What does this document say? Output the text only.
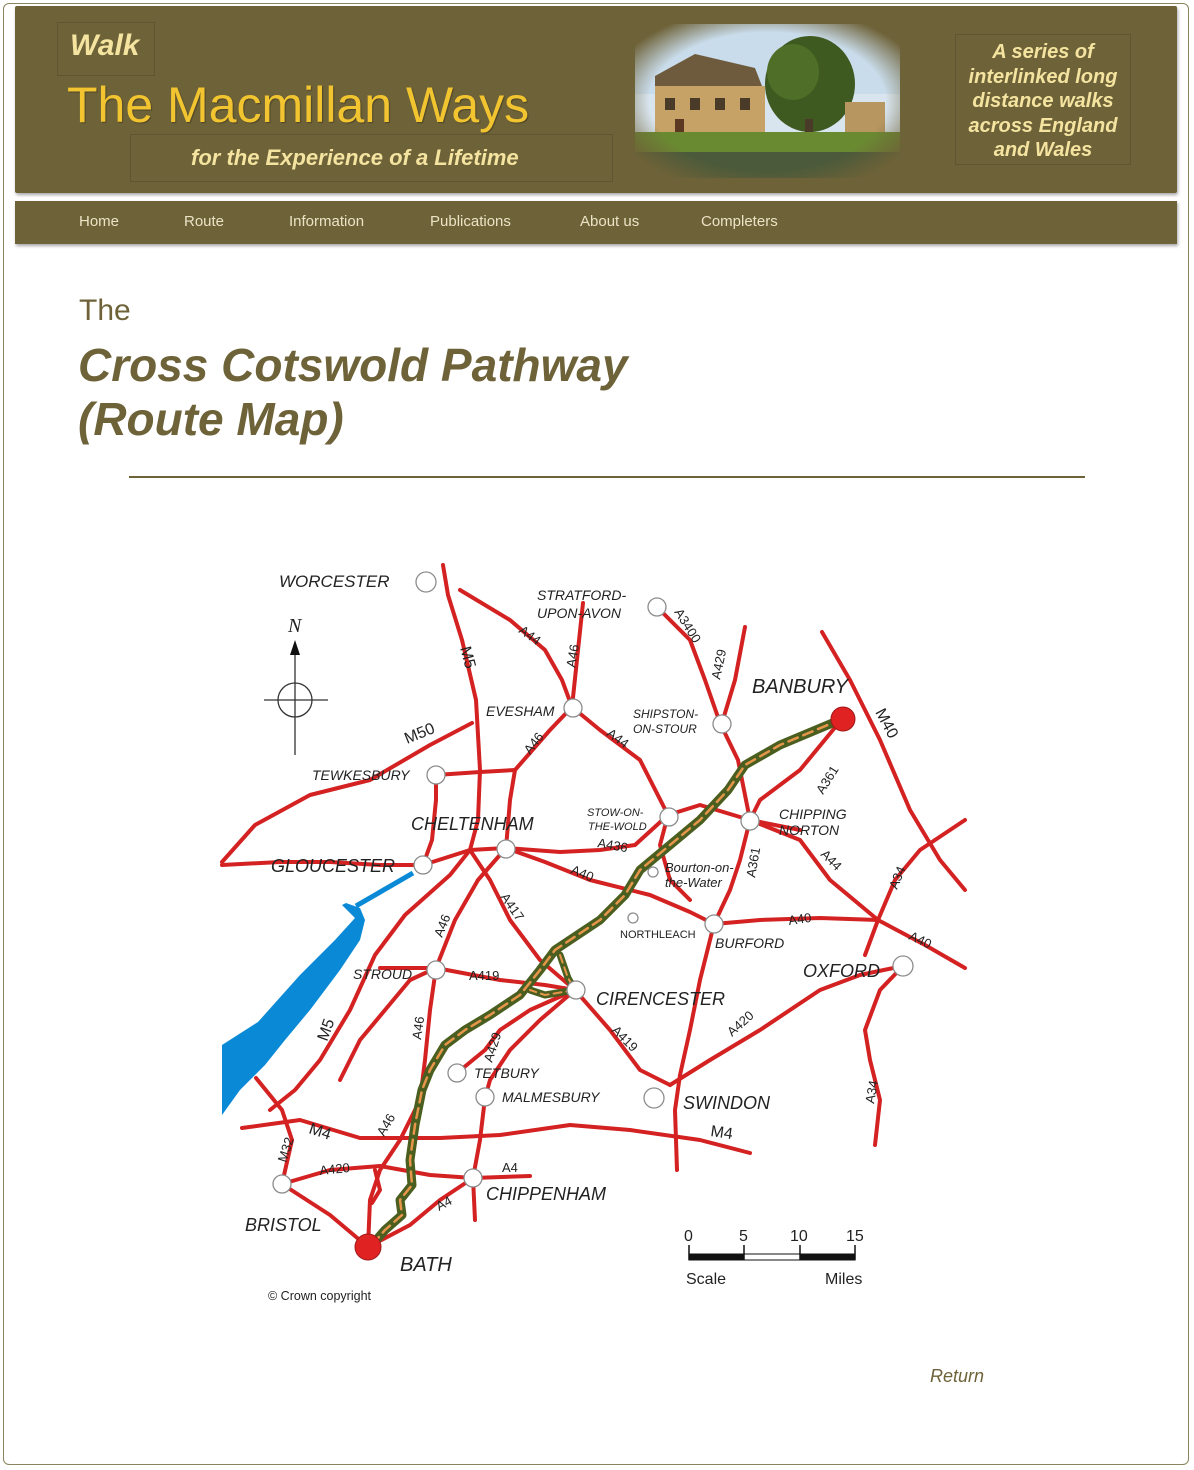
Walk
The Macmillan Ways
for the Experience of a Lifetime
A series of
interlinked long
distance walks
across England
and Wales
Home	Route	Information	Publications	About us	Completers
The
Cross Cotswold Pathway
(Route Map)
N
WORCESTER
STRATFORD-
UPON-AVON
BANBURY
EVESHAM	SHIPSTON-
ON-STOUR
TEWKESBURY
STOW-ON-
THE-WOLD
CHIPPING
NORTON
CHELTENHAM
GLOUCESTER	Bourton-on-
the-Water
NORTHLEACH BURFORD
OXFORD
STROUD
CIRENCESTER
TETBURY
MALMESBURY	SWINDON
CHIPPENHAM
BRISTOL
BATH
M5
M50	M40
A44
A46
A3400
A429
A44
A46
A361
A436
A40	A361	A44
A34
A417
A46	A40
A40
A419
M5	A46	A419	A420
A429
A34
M4	M4
A46
M32
A420	A4
A4
0	5	10 15
Scale	Miles
© Crown copyright
Return
